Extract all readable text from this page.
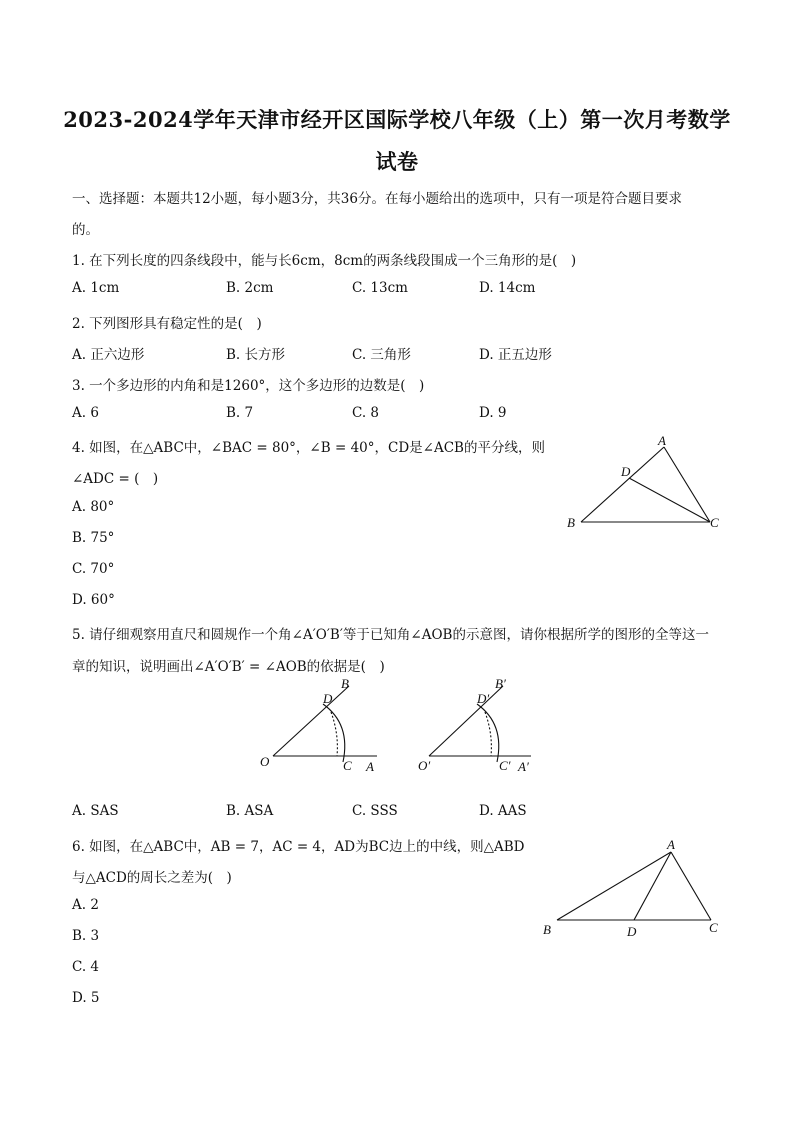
2023-2024学年天津市经开区国际学校八年级（上）第一次月考数学
试卷
一、选择题：本题共12小题，每小题3分，共36分。在每小题给出的选项中，只有一项是符合题目要求
的。
1. 在下列长度的四条线段中，能与长6cm，8cm的两条线段围成一个三角形的是(　)
A. 1cm	B. 2cm	C. 13cm	D. 14cm
2. 下列图形具有稳定性的是(　)
A. 正六边形	B. 长方形	C. 三角形	D. 正五边形
3. 一个多边形的内角和是1260°，这个多边形的边数是(　)
A. 6	B. 7	C. 8	D. 9
4. 如图，在△ABC中，∠BAC = 80°，∠B = 40°，CD是∠ACB的平分线，则
∠ADC = (　)
A. 80°
B. 75°
C. 70°
D. 60°
A
B	C
D
5. 请仔细观察用直尺和圆规作一个角∠A′O′B′等于已知角∠AOB的示意图，请你根据所学的图形的全等这一
章的知识，说明画出∠A′O′B′ = ∠AOB的依据是(　)
O	C A
D
B
O′	C′ A′
D′
B′
A. SAS	B. ASA	C. SSS	D. AAS
6. 如图，在△ABC中，AB = 7，AC = 4，AD为BC边上的中线，则△ABD
与△ACD的周长之差为(　)
A. 2
B. 3
C. 4
D. 5
A
B	C
D
